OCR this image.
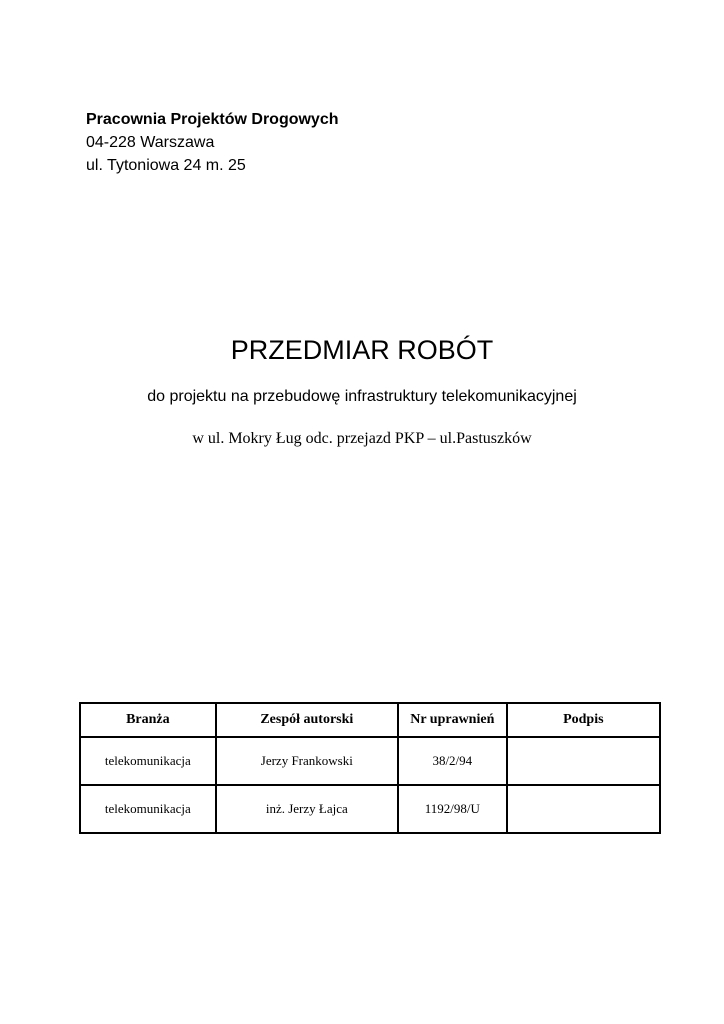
Pracownia Projektów Drogowych
04-228 Warszawa
ul. Tytoniowa 24 m. 25
PRZEDMIAR ROBÓT
do projektu na przebudowę infrastruktury telekomunikacyjnej
w ul. Mokry Ług odc. przejazd PKP – ul.Pastuszków
Branża	Zespół autorski	Nr uprawnień	Podpis
telekomunikacja	Jerzy Frankowski	38/2/94	
telekomunikacja	inż. Jerzy Łajca	1192/98/U	
